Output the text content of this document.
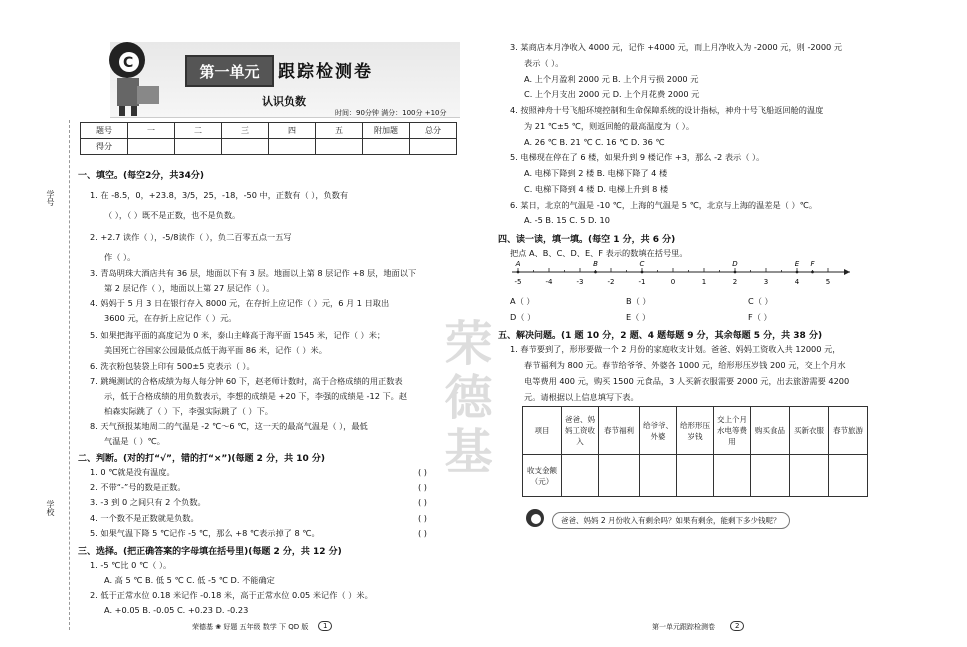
C	第一单元	跟踪检测卷
认识负数
时间：90分钟 满分：100分 +10分
题号	一	二	三	四	五	附加题	总分
得分							
学号
学校
荣德基
一、填空。(每空2分，共34分)
1. 在 -8.5，0，+23.8，3/5，25，-18，-50 中，正数有（ ），负数有
（ ），（ ）既不是正数，也不是负数。
2. +2.7 读作（ ），-5/8读作（ ），负二百零五点一五写
作（ ）。
3. 青岛明珠大酒店共有 36 层，地面以下有 3 层。地面以上第 8 层记作 +8 层，地面以下
第 2 层记作（ ），地面以上第 27 层记作（ ）。
4. 妈妈于 5 月 3 日在银行存入 8000 元，在存折上应记作（ ）元，6 月 1 日取出
3600 元，在存折上应记作（ ）元。
5. 如果把海平面的高度记为 0 米，泰山主峰高于海平面 1545 米，记作（ ）米；
美国死亡谷国家公园最低点低于海平面 86 米，记作（ ）米。
6. 洗衣粉包装袋上印有 500±5 克表示（ ）。
7. 跳绳测试的合格成绩为每人每分钟 60 下，赵老师计数时，高于合格成绩的用正数表
示，低于合格成绩的用负数表示，李想的成绩是 +20 下，李强的成绩是 -12 下。赵
柏森实际跳了（ ）下，李强实际跳了（ ）下。
8. 天气预报某地周二的气温是 -2 ℃～6 ℃，这一天的最高气温是（ ），最低
气温是（ ）℃。
二、判断。(对的打“√”，错的打“×”)(每题 2 分，共 10 分)
1. 0 ℃就是没有温度。
2. 不带“-”号的数是正数。
3. -3 到 0 之间只有 2 个负数。
4. 一个数不是正数就是负数。
5. 如果气温下降 5 ℃记作 -5 ℃，那么 +8 ℃表示掉了 8 ℃。
( )
( )
( )
( )
( )
三、选择。(把正确答案的字母填在括号里)(每题 2 分，共 12 分)
1. -5 ℃比 0 ℃（ ）。
A. 高 5 ℃ B. 低 5 ℃ C. 低 -5 ℃ D. 不能确定
2. 低于正常水位 0.18 米记作 -0.18 米，高于正常水位 0.05 米记作（ ）米。
A. +0.05 B. -0.05 C. +0.23 D. -0.23
3. 某商店本月净收入 4000 元，记作 +4000 元，而上月净收入为 -2000 元，则 -2000 元
表示（ ）。
A. 上个月盈利 2000 元 B. 上个月亏损 2000 元
C. 上个月支出 2000 元 D. 上个月花费 2000 元
4. 按照神舟十号飞船环境控制和生命保障系统的设计指标，神舟十号飞船返回舱的温度
为 21 ℃±5 ℃，则返回舱的最高温度为（ ）。
A. 26 ℃ B. 21 ℃ C. 16 ℃ D. 36 ℃
5. 电梯现在停在了 6 楼，如果升到 9 楼记作 +3，那么 -2 表示（ ）。
A. 电梯下降到 2 楼 B. 电梯下降了 4 楼
C. 电梯下降到 4 楼 D. 电梯上升到 8 楼
6. 某日，北京的气温是 -10 ℃，上海的气温是 5 ℃，北京与上海的温差是（ ）℃。
A. -5 B. 15 C. 5 D. 10
四、读一读，填一填。(每空 1 分，共 6 分)
把点 A、B、C、D、E、F 表示的数填在括号里。
-5	-4	-3	-2	-1	0	1	2	3	4	5
A	B	C	D	E F
A（ ）	B（ ）	C（ ）
D（ ）	E（ ）	F（ ）
五、解决问题。(1 题 10 分，2 题、4 题每题 9 分，其余每题 5 分，共 38 分)
1. 春节要到了，形形要做一个 2 月份的家庭收支计划。爸爸、妈妈工资收入共 12000 元，
春节福利为 800 元。春节给爷爷、外婆各 1000 元，给形形压岁钱 200 元，交上个月水
电等费用 400 元，购买 1500 元食品，3 人买新衣服需要 2000 元，出去旅游需要 4200
元。请根据以上信息填写下表。
项目	爸爸、妈妈工资收入	春节福利	给爷爷、外婆	给形形压岁钱	交上个月水电等费用	购买食品	买新衣服	春节旅游
收支金额（元）								
爸爸、妈妈 2 月份收入有剩余吗？如果有剩余，能剩下多少钱呢？
荣德基 ❀ 好题 五年级 数学 下 QD 版	1	第一单元跟踪检测卷	2
